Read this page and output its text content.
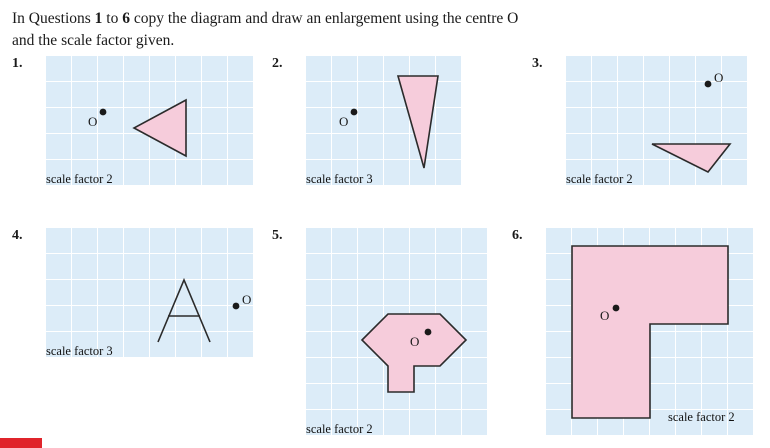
In Questions 1 to 6 copy the diagram and draw an enlargement using the centre O
and the scale factor given.
1.
O
scale factor 2
2.
O
scale factor 3
3.
O
scale factor 2
4.
O
scale factor 3
5.
O
scale factor 2
6.
O
scale factor 2
